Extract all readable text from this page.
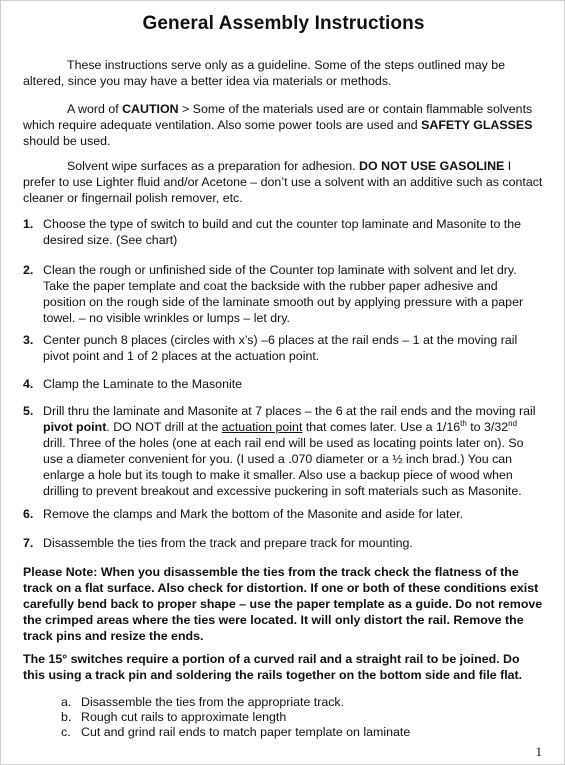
General Assembly Instructions
These instructions serve only as a guideline. Some of the steps outlined may be altered, since you may have a better idea via materials or methods.
A word of CAUTION > Some of the materials used are or contain flammable solvents which require adequate ventilation. Also some power tools are used and SAFETY GLASSES should be used.
Solvent wipe surfaces as a preparation for adhesion. DO NOT USE GASOLINE I prefer to use Lighter fluid and/or Acetone – don’t use a solvent with an additive such as contact cleaner or fingernail polish remover, etc.
1. Choose the type of switch to build and cut the counter top laminate and Masonite to the desired size. (See chart)
2. Clean the rough or unfinished side of the Counter top laminate with solvent and let dry. Take the paper template and coat the backside with the rubber paper adhesive and position on the rough side of the laminate smooth out by applying pressure with a paper towel. – no visible wrinkles or lumps – let dry.
3. Center punch 8 places (circles with x’s) –6 places at the rail ends – 1 at the moving rail pivot point and 1 of 2 places at the actuation point.
4. Clamp the Laminate to the Masonite
5. Drill thru the laminate and Masonite at 7 places – the 6 at the rail ends and the moving rail pivot point. DO NOT drill at the actuation point that comes later. Use a 1/16th to 3/32nd drill. Three of the holes (one at each rail end will be used as locating points later on). So use a diameter convenient for you. (I used a .070 diameter or a ½ inch brad.) You can enlarge a hole but its tough to make it smaller. Also use a backup piece of wood when drilling to prevent breakout and excessive puckering in soft materials such as Masonite.
6. Remove the clamps and Mark the bottom of the Masonite and aside for later.
7. Disassemble the ties from the track and prepare track for mounting.
Please Note: When you disassemble the ties from the track check the flatness of the track on a flat surface. Also check for distortion. If one or both of these conditions exist carefully bend back to proper shape – use the paper template as a guide. Do not remove the crimped areas where the ties were located. It will only distort the rail. Remove the track pins and resize the ends.
The 15° switches require a portion of a curved rail and a straight rail to be joined. Do this using a track pin and soldering the rails together on the bottom side and file flat.
a. Disassemble the ties from the appropriate track.
b. Rough cut rails to approximate length
c. Cut and grind rail ends to match paper template on laminate
1
